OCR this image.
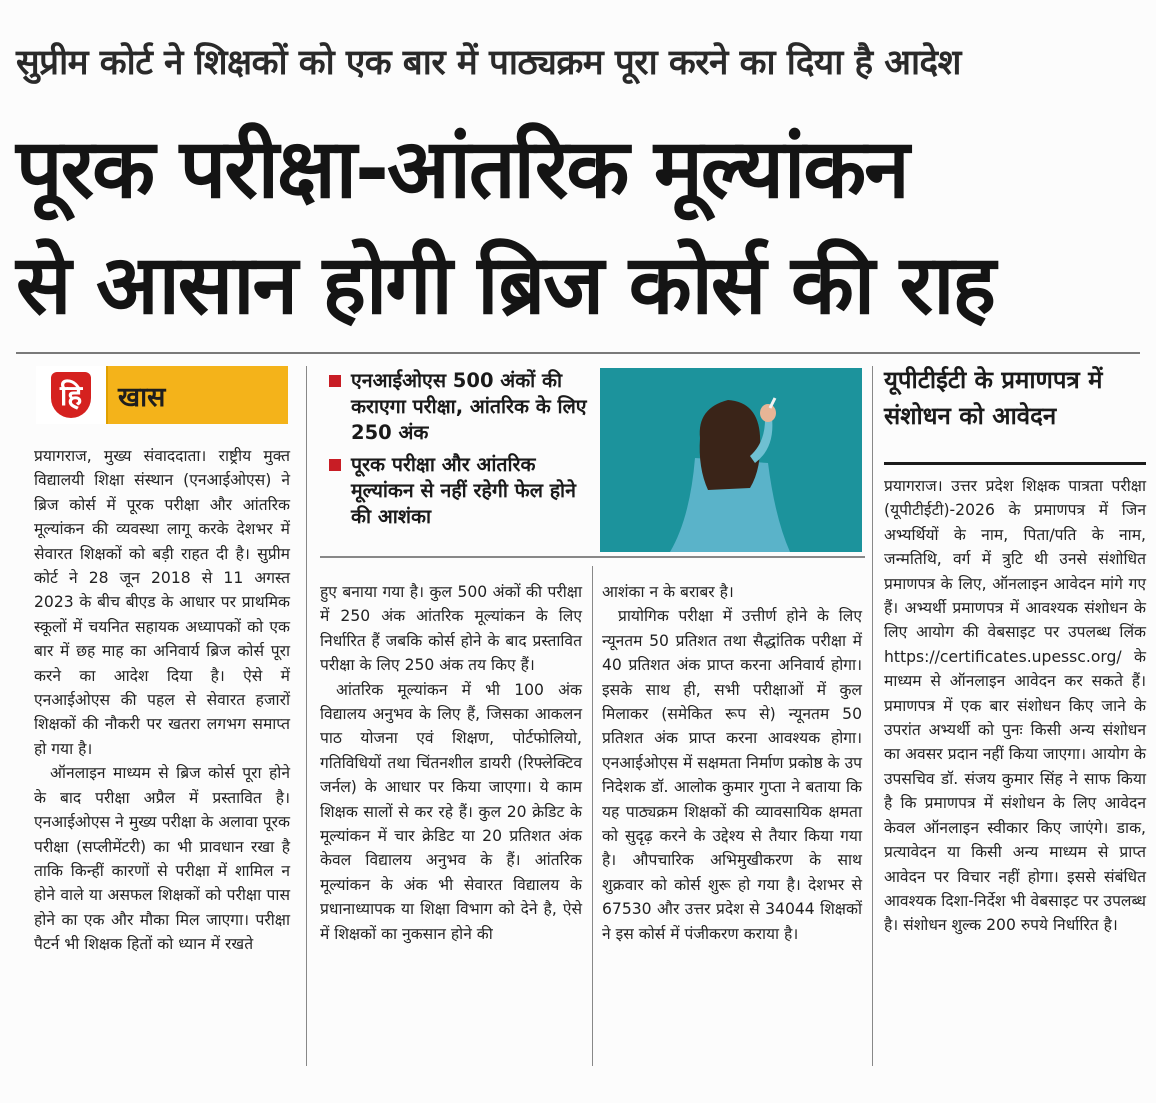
सुप्रीम कोर्ट ने शिक्षकों को एक बार में पाठ्यक्रम पूरा करने का दिया है आदेश
पूरक परीक्षा-आंतरिक मूल्यांकन
से आसान होगी ब्रिज कोर्स की राह
हि खास

प्रयागराज, मुख्य संवाददाता। राष्ट्रीय मुक्त विद्यालयी शिक्षा संस्थान (एनआईओएस) ने ब्रिज कोर्स में पूरक परीक्षा और आंतरिक मूल्यांकन की व्यवस्था लागू करके देशभर में सेवारत शिक्षकों को बड़ी राहत दी है। सुप्रीम कोर्ट ने 28 जून 2018 से 11 अगस्त 2023 के बीच बीएड के आधार पर प्राथमिक स्कूलों में चयनित सहायक अध्यापकों को एक बार में छह माह का अनिवार्य ब्रिज कोर्स पूरा करने का आदेश दिया है। ऐसे में एनआईओएस की पहल से सेवारत हजारों शिक्षकों की नौकरी पर खतरा लगभग समाप्त हो गया है।

ऑनलाइन माध्यम से ब्रिज कोर्स पूरा होने के बाद परीक्षा अप्रैल में प्रस्तावित है। एनआईओएस ने मुख्य परीक्षा के अलावा पूरक परीक्षा (सप्लीमेंटरी) का भी प्रावधान रखा है ताकि किन्हीं कारणों से परीक्षा में शामिल न होने वाले या असफल शिक्षकों को परीक्षा पास होने का एक और मौका मिल जाएगा। परीक्षा पैटर्न भी शिक्षक हितों को ध्यान में रखते

एनआईओएस 500 अंकों की कराएगा परीक्षा, आंतरिक के लिए 250 अंक
पूरक परीक्षा और आंतरिक मूल्यांकन से नहीं रहेगी फेल होने की आशंका

हुए बनाया गया है। कुल 500 अंकों की परीक्षा में 250 अंक आंतरिक मूल्यांकन के लिए निर्धारित हैं जबकि कोर्स होने के बाद प्रस्तावित परीक्षा के लिए 250 अंक तय किए हैं।

आंतरिक मूल्यांकन में भी 100 अंक विद्यालय अनुभव के लिए हैं, जिसका आकलन पाठ योजना एवं शिक्षण, पोर्टफोलियो, गतिविधियों तथा चिंतनशील डायरी (रिफ्लेक्टिव जर्नल) के आधार पर किया जाएगा। ये काम शिक्षक सालों से कर रहे हैं। कुल 20 क्रेडिट के मूल्यांकन में चार क्रेडिट या 20 प्रतिशत अंक केवल विद्यालय अनुभव के हैं। आंतरिक मूल्यांकन के अंक भी सेवारत विद्यालय के प्रधानाध्यापक या शिक्षा विभाग को देने है, ऐसे में शिक्षकों का नुकसान होने की

आशंका न के बराबर है।

प्रायोगिक परीक्षा में उत्तीर्ण होने के लिए न्यूनतम 50 प्रतिशत तथा सैद्धांतिक परीक्षा में 40 प्रतिशत अंक प्राप्त करना अनिवार्य होगा। इसके साथ ही, सभी परीक्षाओं में कुल मिलाकर (समेकित रूप से) न्यूनतम 50 प्रतिशत अंक प्राप्त करना आवश्यक होगा। एनआईओएस में सक्षमता निर्माण प्रकोष्ठ के उप निदेशक डॉ. आलोक कुमार गुप्ता ने बताया कि यह पाठ्यक्रम शिक्षकों की व्यावसायिक क्षमता को सुदृढ़ करने के उद्देश्य से तैयार किया गया है। औपचारिक अभिमुखीकरण के साथ शुक्रवार को कोर्स शुरू हो गया है। देशभर से 67530 और उत्तर प्रदेश से 34044 शिक्षकों ने इस कोर्स में पंजीकरण कराया है।

यूपीटीईटी के प्रमाणपत्र में संशोधन को आवेदन

प्रयागराज। उत्तर प्रदेश शिक्षक पात्रता परीक्षा (यूपीटीईटी)-2026 के प्रमाणपत्र में जिन अभ्यर्थियों के नाम, पिता/पति के नाम, जन्मतिथि, वर्ग में त्रुटि थी उनसे संशोधित प्रमाणपत्र के लिए, ऑनलाइन आवेदन मांगे गए हैं। अभ्यर्थी प्रमाणपत्र में आवश्यक संशोधन के लिए आयोग की वेबसाइट पर उपलब्ध लिंक https://certificates.upessc.org/ के माध्यम से ऑनलाइन आवेदन कर सकते हैं। प्रमाणपत्र में एक बार संशोधन किए जाने के उपरांत अभ्यर्थी को पुनः किसी अन्य संशोधन का अवसर प्रदान नहीं किया जाएगा। आयोग के उपसचिव डॉ. संजय कुमार सिंह ने साफ किया है कि प्रमाणपत्र में संशोधन के लिए आवेदन केवल ऑनलाइन स्वीकार किए जाएंगे। डाक, प्रत्यावेदन या किसी अन्य माध्यम से प्राप्त आवेदन पर विचार नहीं होगा। इससे संबंधित आवश्यक दिशा-निर्देश भी वेबसाइट पर उपलब्ध है। संशोधन शुल्क 200 रुपये निर्धारित है।
